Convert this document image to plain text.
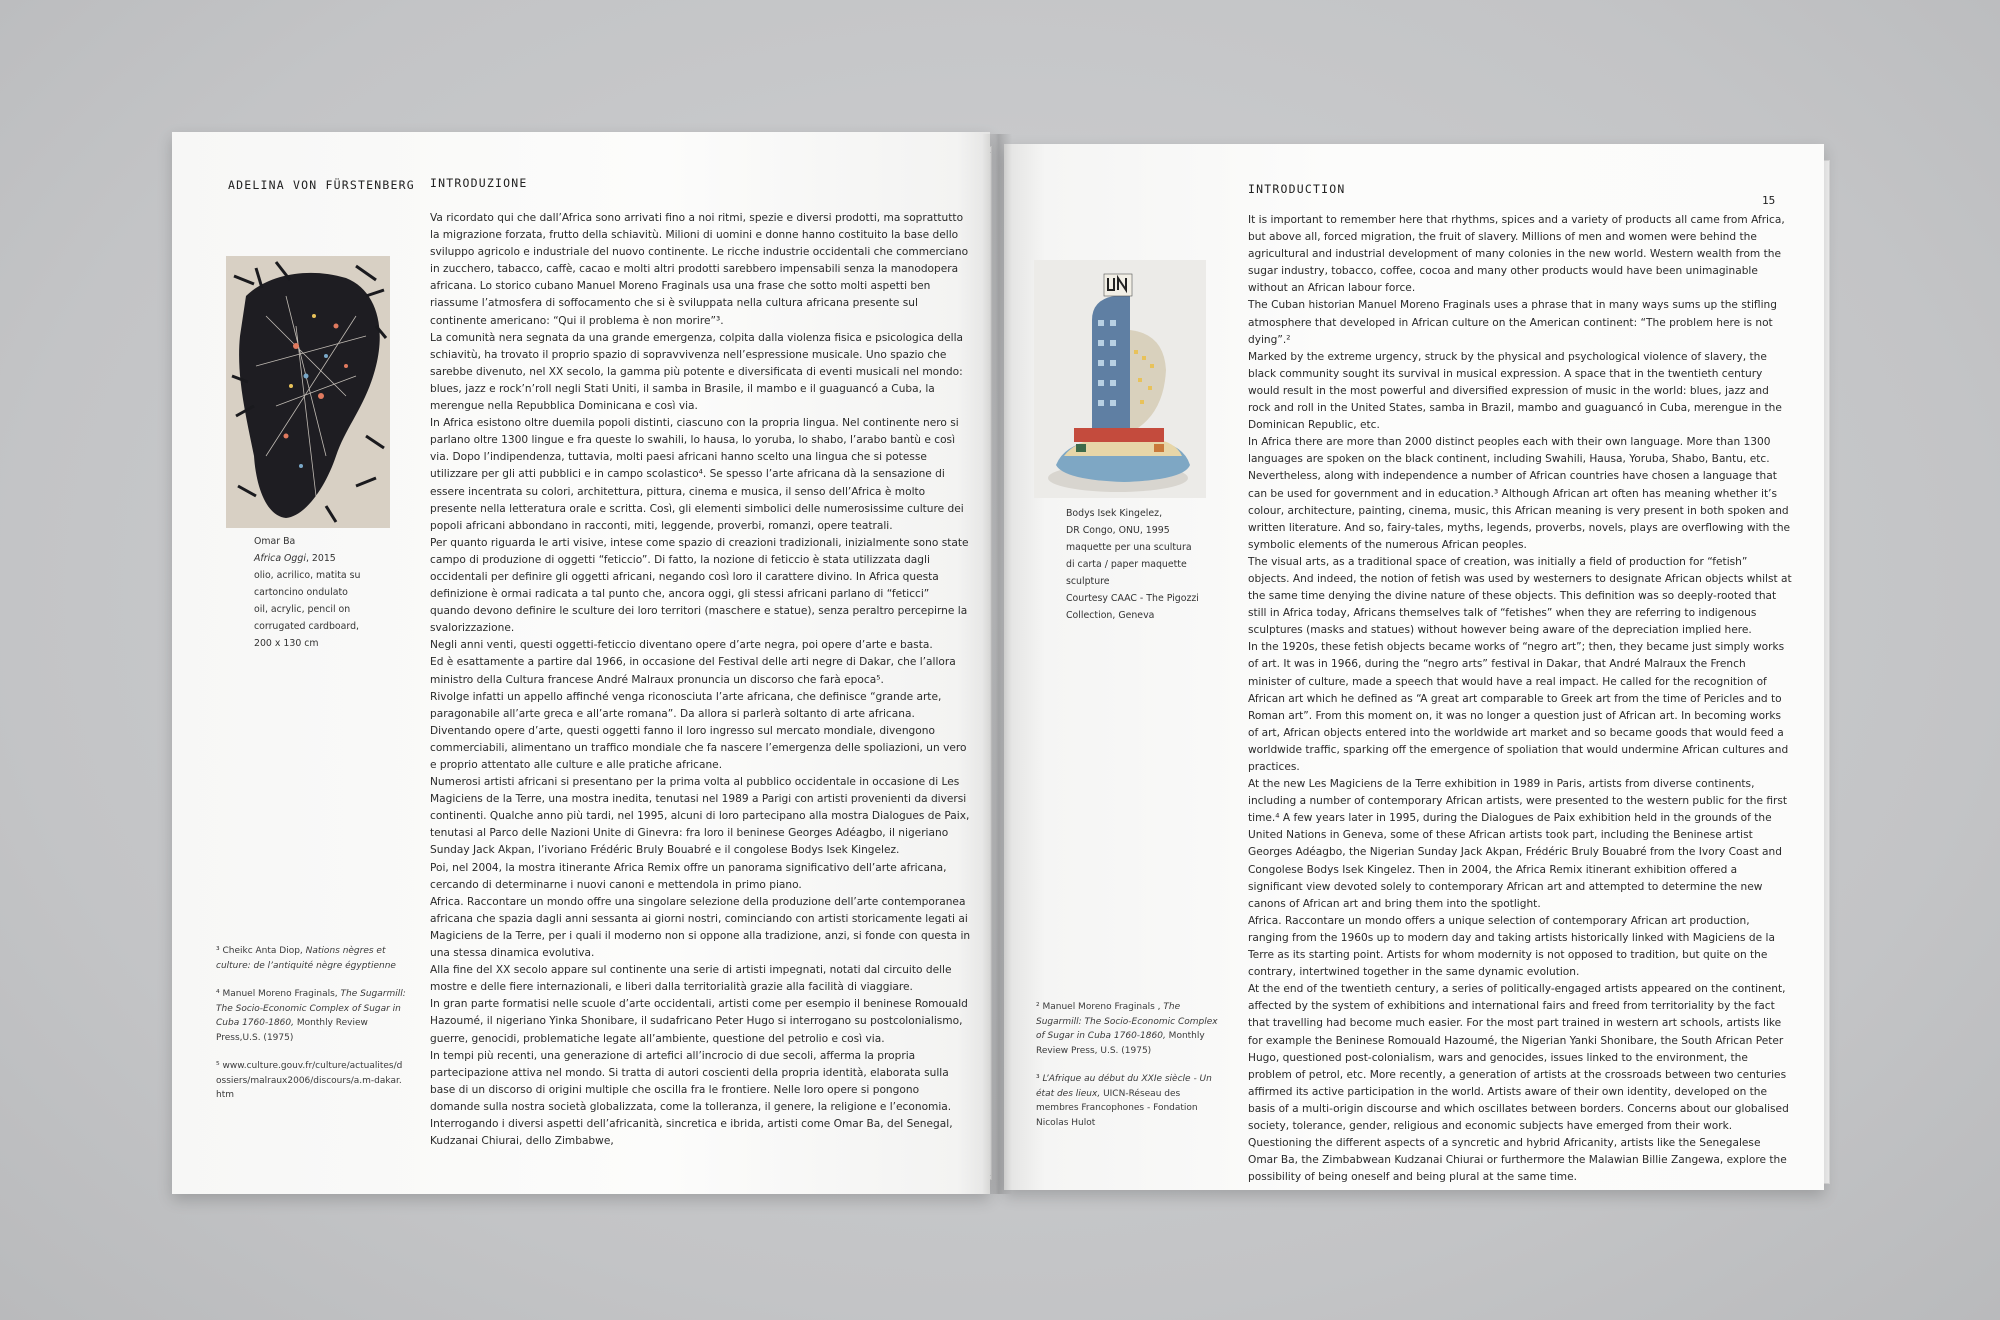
ADELINA VON FÜRSTENBERG INTRODUZIONE

Omar Ba

Africa Oggi, 2015

olio, acrilico, matita su

cartoncino ondulato

oil, acrylic, pencil on

corrugated cardboard,

200 x 130 cm

³ Cheikc Anta Diop, Nations nègres et culture: de l’antiquité nègre égyptienne

⁴ Manuel Moreno Fraginals, The Sugarmill: The Socio-Economic Complex of Sugar in Cuba 1760-1860, Monthly Review Press,U.S. (1975)

⁵ www.culture.gouv.fr/culture/actualites/dossiers/malraux2006/discours/a.m-dakar.htm

Va ricordato qui che dall’Africa sono arrivati fino a noi ritmi, spezie e diversi prodotti, ma soprattutto la migrazione forzata, frutto della schiavitù. Milioni di uomini e donne hanno costituito la base dello sviluppo agricolo e industriale del nuovo continente. Le ricche industrie occidentali che commerciano in zucchero, tabacco, caffè, cacao e molti altri prodotti sarebbero impensabili senza la manodopera africana. Lo storico cubano Manuel Moreno Fraginals usa una frase che sotto molti aspetti ben riassume l’atmosfera di soffocamento che si è sviluppata nella cultura africana presente sul continente americano: “Qui il problema è non morire”³.

La comunità nera segnata da una grande emergenza, colpita dalla violenza fisica e psicologica della schiavitù, ha trovato il proprio spazio di sopravvivenza nell’espressione musicale. Uno spazio che sarebbe divenuto, nel XX secolo, la gamma più potente e diversificata di eventi musicali nel mondo: blues, jazz e rock’n’roll negli Stati Uniti, il samba in Brasile, il mambo e il guaguancó a Cuba, la merengue nella Repubblica Dominicana e così via.

In Africa esistono oltre duemila popoli distinti, ciascuno con la propria lingua. Nel continente nero si parlano oltre 1300 lingue e fra queste lo swahili, lo hausa, lo yoruba, lo shabo, l’arabo bantù e così via. Dopo l’indipendenza, tuttavia, molti paesi africani hanno scelto una lingua che si potesse utilizzare per gli atti pubblici e in campo scolastico⁴. Se spesso l’arte africana dà la sensazione di essere incentrata su colori, architettura, pittura, cinema e musica, il senso dell’Africa è molto presente nella letteratura orale e scritta. Così, gli elementi simbolici delle numerosissime culture dei popoli africani abbondano in racconti, miti, leggende, proverbi, romanzi, opere teatrali.

Per quanto riguarda le arti visive, intese come spazio di creazioni tradizionali, inizialmente sono state campo di produzione di oggetti “feticcio”. Di fatto, la nozione di feticcio è stata utilizzata dagli occidentali per definire gli oggetti africani, negando così loro il carattere divino. In Africa questa definizione è ormai radicata a tal punto che, ancora oggi, gli stessi africani parlano di “feticci” quando devono definire le sculture dei loro territori (maschere e statue), senza peraltro percepirne la svalorizzazione.

Negli anni venti, questi oggetti-feticcio diventano opere d’arte negra, poi opere d’arte e basta.

Ed è esattamente a partire dal 1966, in occasione del Festival delle arti negre di Dakar, che l’allora ministro della Cultura francese André Malraux pronuncia un discorso che farà epoca⁵.

Rivolge infatti un appello affinché venga riconosciuta l’arte africana, che definisce “grande arte, paragonabile all’arte greca e all’arte romana”. Da allora si parlerà soltanto di arte africana.

Diventando opere d’arte, questi oggetti fanno il loro ingresso sul mercato mondiale, divengono commerciabili, alimentano un traffico mondiale che fa nascere l’emergenza delle spoliazioni, un vero e proprio attentato alle culture e alle pratiche africane.

Numerosi artisti africani si presentano per la prima volta al pubblico occidentale in occasione di Les Magiciens de la Terre, una mostra inedita, tenutasi nel 1989 a Parigi con artisti provenienti da diversi continenti. Qualche anno più tardi, nel 1995, alcuni di loro partecipano alla mostra Dialogues de Paix, tenutasi al Parco delle Nazioni Unite di Ginevra: fra loro il beninese Georges Adéagbo, il nigeriano Sunday Jack Akpan, l’ivoriano Frédéric Bruly Bouabré e il congolese Bodys Isek Kingelez.

Poi, nel 2004, la mostra itinerante Africa Remix offre un panorama significativo dell’arte africana, cercando di determinarne i nuovi canoni e mettendola in primo piano.

Africa. Raccontare un mondo offre una singolare selezione della produzione dell’arte contemporanea africana che spazia dagli anni sessanta ai giorni nostri, cominciando con artisti storicamente legati ai Magiciens de la Terre, per i quali il moderno non si oppone alla tradizione, anzi, si fonde con questa in una stessa dinamica evolutiva.

Alla fine del XX secolo appare sul continente una serie di artisti impegnati, notati dal circuito delle mostre e delle fiere internazionali, e liberi dalla territorialità grazie alla facilità di viaggiare.

In gran parte formatisi nelle scuole d’arte occidentali, artisti come per esempio il beninese Romouald Hazoumé, il nigeriano Yinka Shonibare, il sudafricano Peter Hugo si interrogano su postcolonialismo, guerre, genocidi, problematiche legate all’ambiente, questione del petrolio e così via.

In tempi più recenti, una generazione di artefici all’incrocio di due secoli, afferma la propria partecipazione attiva nel mondo. Si tratta di autori coscienti della propria identità, elaborata sulla base di un discorso di origini multiple che oscilla fra le frontiere. Nelle loro opere si pongono domande sulla nostra società globalizzata, come la tolleranza, il genere, la religione e l’economia. Interrogando i diversi aspetti dell’africanità, sincretica e ibrida, artisti come Omar Ba, del Senegal, Kudzanai Chiurai, dello Zimbabwe,

INTRODUCTION
15

Bodys Isek Kingelez,

DR Congo, ONU, 1995

maquette per una scultura

di carta / paper maquette

sculpture

Courtesy CAAC - The Pigozzi

Collection, Geneva

² Manuel Moreno Fraginals , The Sugarmill: The Socio-Economic Complex of Sugar in Cuba 1760-1860, Monthly Review Press, U.S. (1975)

³ L’Afrique au début du XXIe siècle - Un état des lieux, UICN-Réseau des membres Francophones - Fondation Nicolas Hulot

It is important to remember here that rhythms, spices and a variety of products all came from Africa, but above all, forced migration, the fruit of slavery. Millions of men and women were behind the agricultural and industrial development of many colonies in the new world. Western wealth from the sugar industry, tobacco, coffee, cocoa and many other products would have been unimaginable without an African labour force.

The Cuban historian Manuel Moreno Fraginals uses a phrase that in many ways sums up the stifling atmosphere that developed in African culture on the American continent: “The problem here is not dying”.²

Marked by the extreme urgency, struck by the physical and psychological violence of slavery, the black community sought its survival in musical expression. A space that in the twentieth century would result in the most powerful and diversified expression of music in the world: blues, jazz and rock and roll in the United States, samba in Brazil, mambo and guaguancó in Cuba, merengue in the Dominican Republic, etc.

In Africa there are more than 2000 distinct peoples each with their own language. More than 1300 languages are spoken on the black continent, including Swahili, Hausa, Yoruba, Shabo, Bantu, etc. Nevertheless, along with independence a number of African countries have chosen a language that can be used for government and in education.³ Although African art often has meaning whether it’s colour, architecture, painting, cinema, music, this African meaning is very present in both spoken and written literature. And so, fairy-tales, myths, legends, proverbs, novels, plays are overflowing with the symbolic elements of the numerous African peoples.

The visual arts, as a traditional space of creation, was initially a field of production for “fetish” objects. And indeed, the notion of fetish was used by westerners to designate African objects whilst at the same time denying the divine nature of these objects. This definition was so deeply-rooted that still in Africa today, Africans themselves talk of “fetishes” when they are referring to indigenous sculptures (masks and statues) without however being aware of the depreciation implied here.

In the 1920s, these fetish objects became works of “negro art”; then, they became just simply works of art. It was in 1966, during the “negro arts” festival in Dakar, that André Malraux the French minister of culture, made a speech that would have a real impact. He called for the recognition of African art which he defined as “A great art comparable to Greek art from the time of Pericles and to Roman art”. From this moment on, it was no longer a question just of African art. In becoming works of art, African objects entered into the worldwide art market and so became goods that would feed a worldwide traffic, sparking off the emergence of spoliation that would undermine African cultures and practices.

At the new Les Magiciens de la Terre exhibition in 1989 in Paris, artists from diverse continents, including a number of contemporary African artists, were presented to the western public for the first time.⁴ A few years later in 1995, during the Dialogues de Paix exhibition held in the grounds of the United Nations in Geneva, some of these African artists took part, including the Beninese artist Georges Adéagbo, the Nigerian Sunday Jack Akpan, Frédéric Bruly Bouabré from the Ivory Coast and Congolese Bodys Isek Kingelez. Then in 2004, the Africa Remix itinerant exhibition offered a significant view devoted solely to contemporary African art and attempted to determine the new canons of African art and bring them into the spotlight.

Africa. Raccontare un mondo offers a unique selection of contemporary African art production, ranging from the 1960s up to modern day and taking artists historically linked with Magiciens de la Terre as its starting point. Artists for whom modernity is not opposed to tradition, but quite on the contrary, intertwined together in the same dynamic evolution.

At the end of the twentieth century, a series of politically-engaged artists appeared on the continent, affected by the system of exhibitions and international fairs and freed from territoriality by the fact that travelling had become much easier. For the most part trained in western art schools, artists like for example the Beninese Romouald Hazoumé, the Nigerian Yanki Shonibare, the South African Peter Hugo, questioned post-colonialism, wars and genocides, issues linked to the environment, the problem of petrol, etc. More recently, a generation of artists at the crossroads between two centuries affirmed its active participation in the world. Artists aware of their own identity, developed on the basis of a multi-origin discourse and which oscillates between borders. Concerns about our globalised society, tolerance, gender, religious and economic subjects have emerged from their work. Questioning the different aspects of a syncretic and hybrid Africanity, artists like the Senegalese Omar Ba, the Zimbabwean Kudzanai Chiurai or furthermore the Malawian Billie Zangewa, explore the possibility of being oneself and being plural at the same time.
